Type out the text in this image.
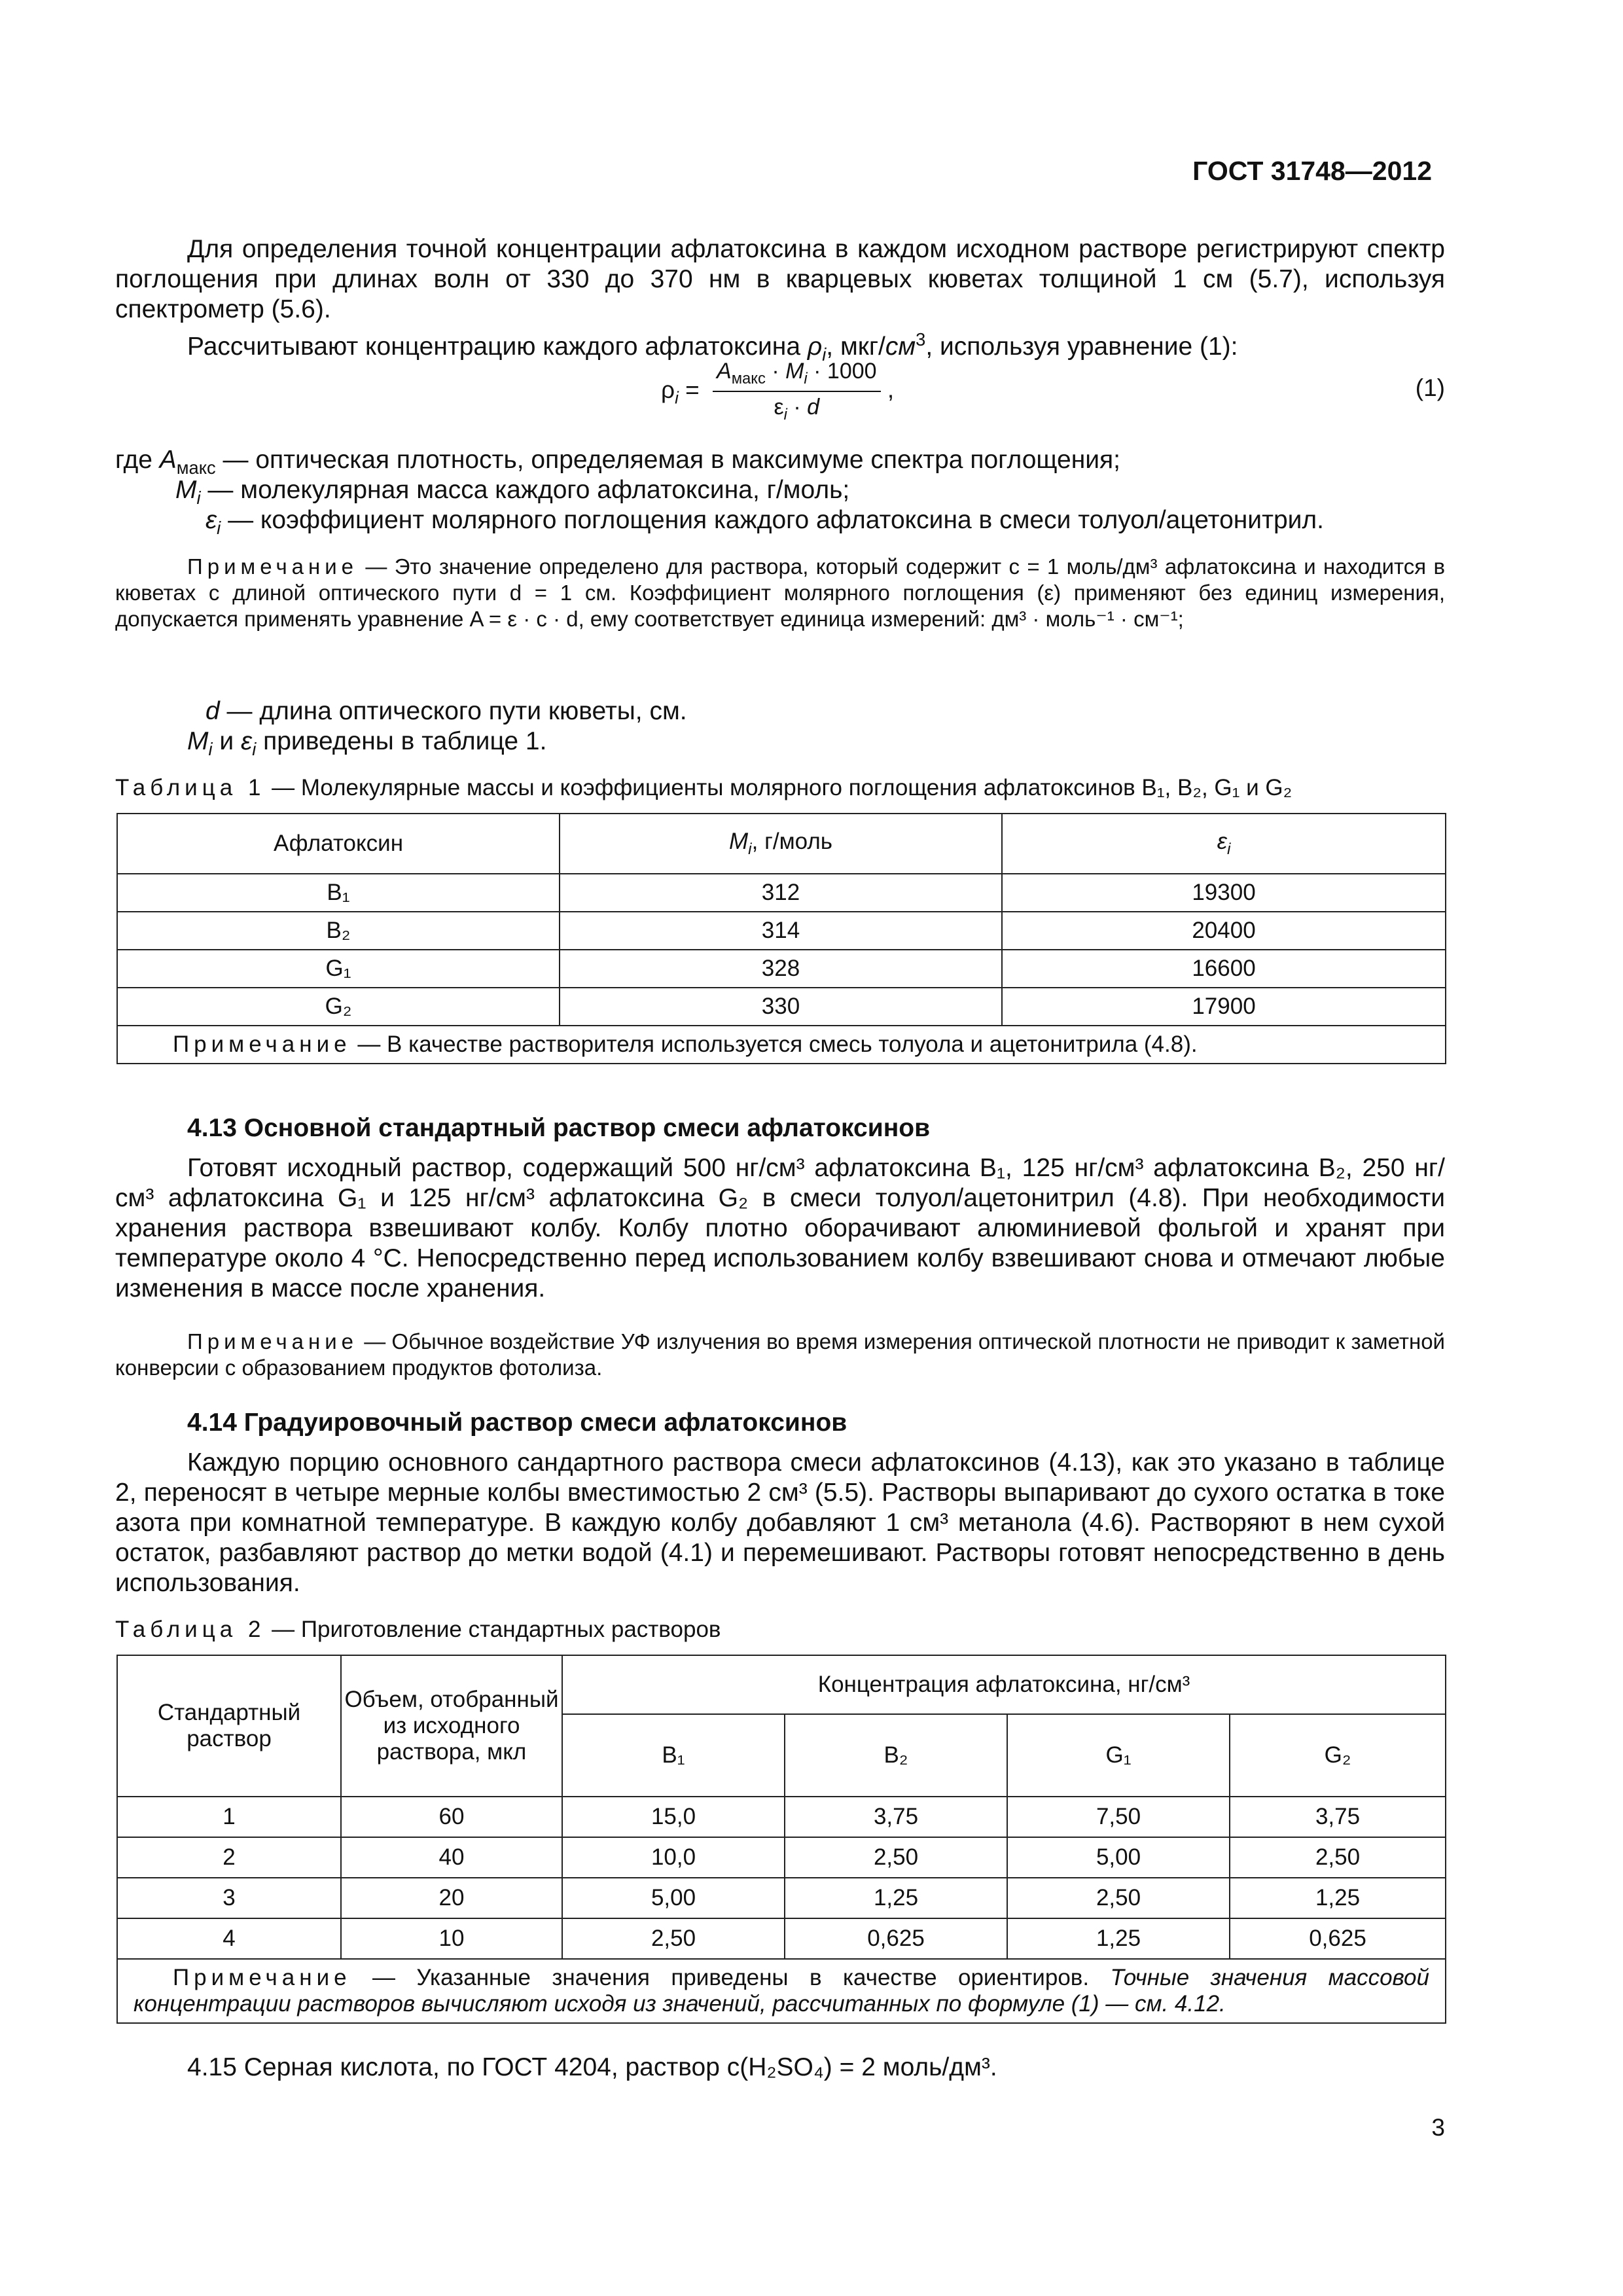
ГОСТ 31748—2012
Для определения точной концентрации афлатоксина в каждом исходном растворе регистрируют спектр поглощения при длинах волн от 330 до 370 нм в кварцевых кюветах толщиной 1 см (5.7), используя спектрометр (5.6).
Рассчитывают концентрацию каждого афлатоксина $\rho_i$, мкг/$см^3$, используя уравнение (1):
$\rho_i = \frac{A_{макс} \cdot M_i \cdot 1000}{\varepsilon_i \cdot d}$ ,	(1)
где $A_{макс}$ — оптическая плотность, определяемая в максимуме спектра поглощения;
$M_i$ — молекулярная масса каждого афлатоксина, г/моль;
$\varepsilon_i$ — коэффициент молярного поглощения каждого афлатоксина в смеси толуол/ацетонитрил.
Примечание — Это значение определено для раствора, который содержит c = 1 моль/дм³ афлатоксина и находится в кюветах с длиной оптического пути d = 1 см. Коэффициент молярного поглощения (ε) применяют без единиц измерения, допускается применять уравнение A = ε · c · d, ему соответствует единица измерений: дм³ · моль⁻¹ · см⁻¹;
d — длина оптического пути кюветы, см.
$M_i$ и $\varepsilon_i$ приведены в таблице 1.
Таблица 1 — Молекулярные массы и коэффициенты молярного поглощения афлатоксинов B₁, B₂, G₁ и G₂
Афлатоксин	$M_i$, г/моль	$\varepsilon_i$
B₁	312	19300
B₂	314	20400
G₁	328	16600
G₂	330	17900
Примечание — В качестве растворителя используется смесь толуола и ацетонитрила (4.8).		
4.13 Основной стандартный раствор смеси афлатоксинов
Готовят исходный раствор, содержащий 500 нг/см³ афлатоксина B₁, 125 нг/см³ афлатоксина B₂, 250 нг/см³ афлатоксина G₁ и 125 нг/см³ афлатоксина G₂ в смеси толуол/ацетонитрил (4.8). При необходимости хранения раствора взвешивают колбу. Колбу плотно оборачивают алюминиевой фольгой и хранят при температуре около 4 °С. Непосредственно перед использованием колбу взвешивают снова и отмечают любые изменения в массе после хранения.
Примечание — Обычное воздействие УФ излучения во время измерения оптической плотности не приводит к заметной конверсии с образованием продуктов фотолиза.
4.14 Градуировочный раствор смеси афлатоксинов
Каждую порцию основного сандартного раствора смеси афлатоксинов (4.13), как это указано в таблице 2, переносят в четыре мерные колбы вместимостью 2 см³ (5.5). Растворы выпаривают до сухого остатка в токе азота при комнатной температуре. В каждую колбу добавляют 1 см³ метанола (4.6). Растворяют в нем сухой остаток, разбавляют раствор до метки водой (4.1) и перемешивают. Растворы готовят непосредственно в день использования.
Таблица 2 — Приготовление стандартных растворов
Стандартный раствор	Объем, отобранный из исходного раствора, мкл	Концентрация афлатоксина, нг/см³			
		B₁	B₂	G₁	G₂
1	60	15,0	3,75	7,50	3,75
2	40	10,0	2,50	5,00	2,50
3	20	5,00	1,25	2,50	1,25
4	10	2,50	0,625	1,25	0,625
Примечание — Указанные значения приведены в качестве ориентиров. Точные значения массовой концентрации растворов вычисляют исходя из значений, рассчитанных по формуле (1) — см. 4.12.					
4.15 Серная кислота, по ГОСТ 4204, раствор c(H₂SO₄) = 2 моль/дм³.
3
